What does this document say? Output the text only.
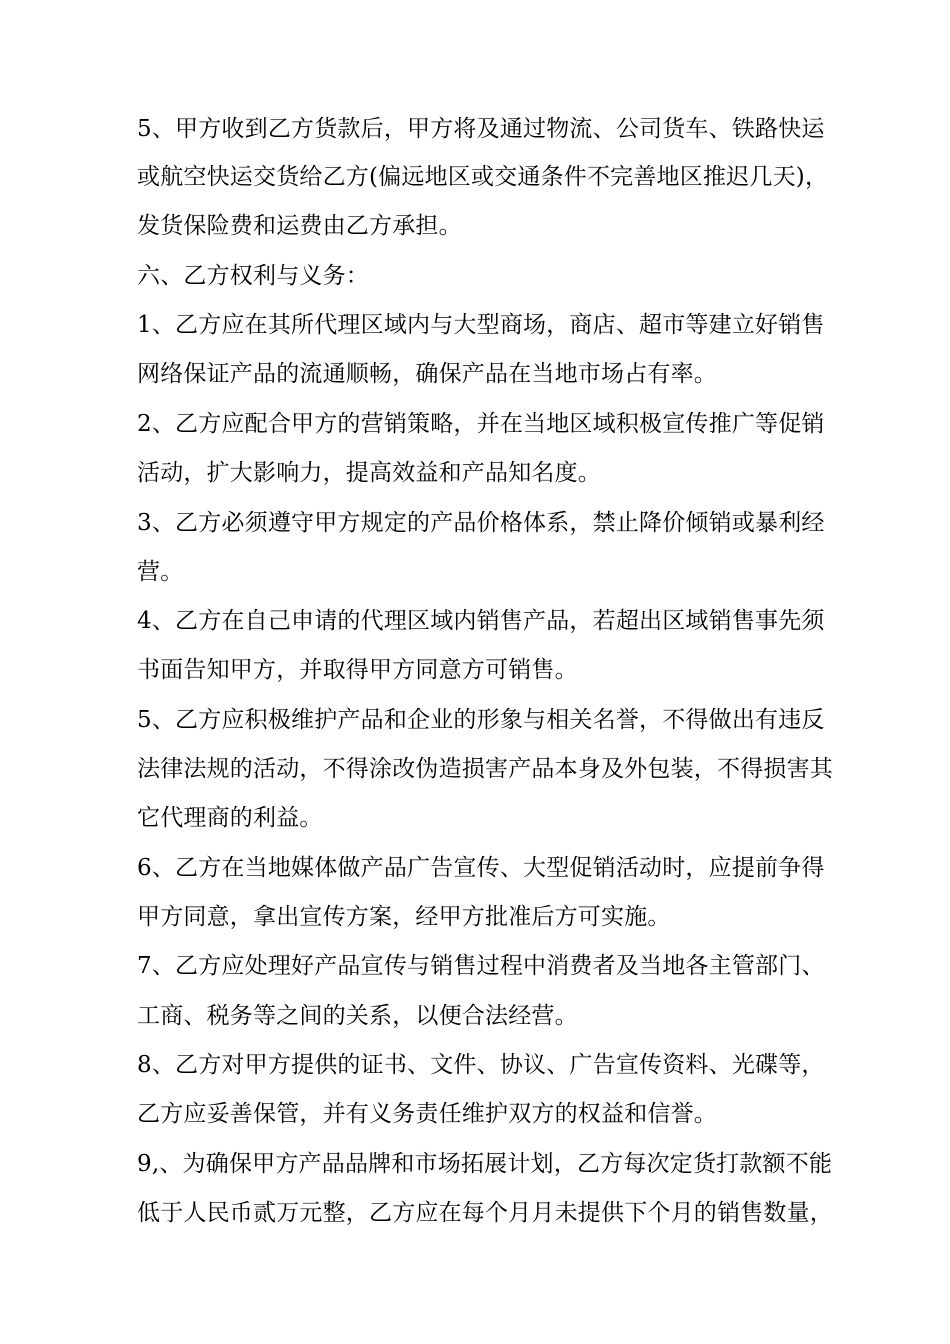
5、甲方收到乙方货款后，甲方将及通过物流、公司货车、铁路快运
或航空快运交货给乙方(偏远地区或交通条件不完善地区推迟几天)，
发货保险费和运费由乙方承担。
六、乙方权利与义务：
1、乙方应在其所代理区域内与大型商场，商店、超市等建立好销售
网络保证产品的流通顺畅，确保产品在当地市场占有率。
2、乙方应配合甲方的营销策略，并在当地区域积极宣传推广等促销
活动，扩大影响力，提高效益和产品知名度。
3、乙方必须遵守甲方规定的产品价格体系，禁止降价倾销或暴利经
营。
4、乙方在自己申请的代理区域内销售产品，若超出区域销售事先须
书面告知甲方，并取得甲方同意方可销售。
5、乙方应积极维护产品和企业的形象与相关名誉，不得做出有违反
法律法规的活动，不得涂改伪造损害产品本身及外包装，不得损害其
它代理商的利益。
6、乙方在当地媒体做产品广告宣传、大型促销活动时，应提前争得
甲方同意，拿出宣传方案，经甲方批准后方可实施。
7、乙方应处理好产品宣传与销售过程中消费者及当地各主管部门、
工商、税务等之间的关系，以便合法经营。
8、乙方对甲方提供的证书、文件、协议、广告宣传资料、光碟等，
乙方应妥善保管，并有义务责任维护双方的权益和信誉。
9,、为确保甲方产品品牌和市场拓展计划，乙方每次定货打款额不能
低于人民币贰万元整，乙方应在每个月月未提供下个月的销售数量，
